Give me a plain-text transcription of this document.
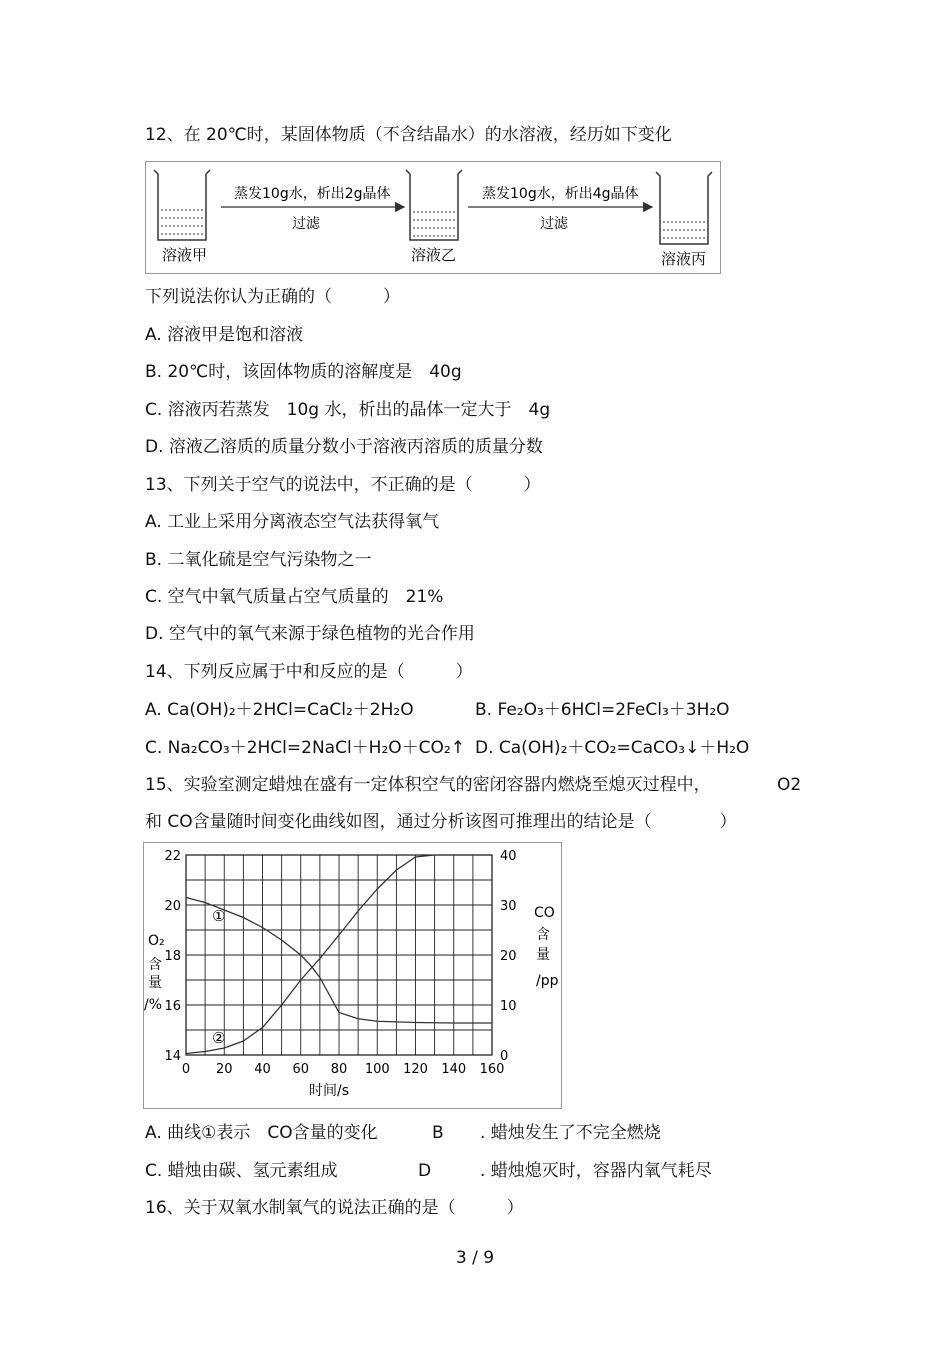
12、在 20℃时，某固体物质（不含结晶水）的水溶液，经历如下变化
溶液甲
蒸发10g水，析出2g晶体
过滤
溶液乙
蒸发10g水，析出4g晶体
过滤
溶液丙
下列说法你认为正确的（　　　）
A. 溶液甲是饱和溶液
B. 20℃时，该固体物质的溶解度是　40g
C. 溶液丙若蒸发　10g 水，析出的晶体一定大于　4g
D. 溶液乙溶质的质量分数小于溶液丙溶质的质量分数
13、下列关于空气的说法中，不正确的是（　　　）
A. 工业上采用分离液态空气法获得氧气
B. 二氧化硫是空气污染物之一
C. 空气中氧气质量占空气质量的　21%
D. 空气中的氧气来源于绿色植物的光合作用
14、下列反应属于中和反应的是（　　　）
A. Ca(OH)₂＋2HCl=CaCl₂＋2H₂O	B. Fe₂O₃＋6HCl=2FeCl₃＋3H₂O
C. Na₂CO₃＋2HCl=2NaCl＋H₂O＋CO₂↑ D. Ca(OH)₂＋CO₂=CaCO₃↓＋H₂O
15、实验室测定蜡烛在盛有一定体积空气的密闭容器内燃烧至熄灭过程中，	O2
和 CO含量随时间变化曲线如图，通过分析该图可推理出的结论是（　　　　）
0 20 40 60 80 100 120 140 160
14
16
18
20
22
0
10
20
30
40
时间/s
O₂
含
量
/%
CO
含
量
/pp
①
②
A. 曲线①表示　CO含量的变化	B . 蜡烛发生了不完全燃烧
C. 蜡烛由碳、氢元素组成	D	. 蜡烛熄灭时，容器内氧气耗尽
16、关于双氧水制氧气的说法正确的是（　　　）
3 / 9
